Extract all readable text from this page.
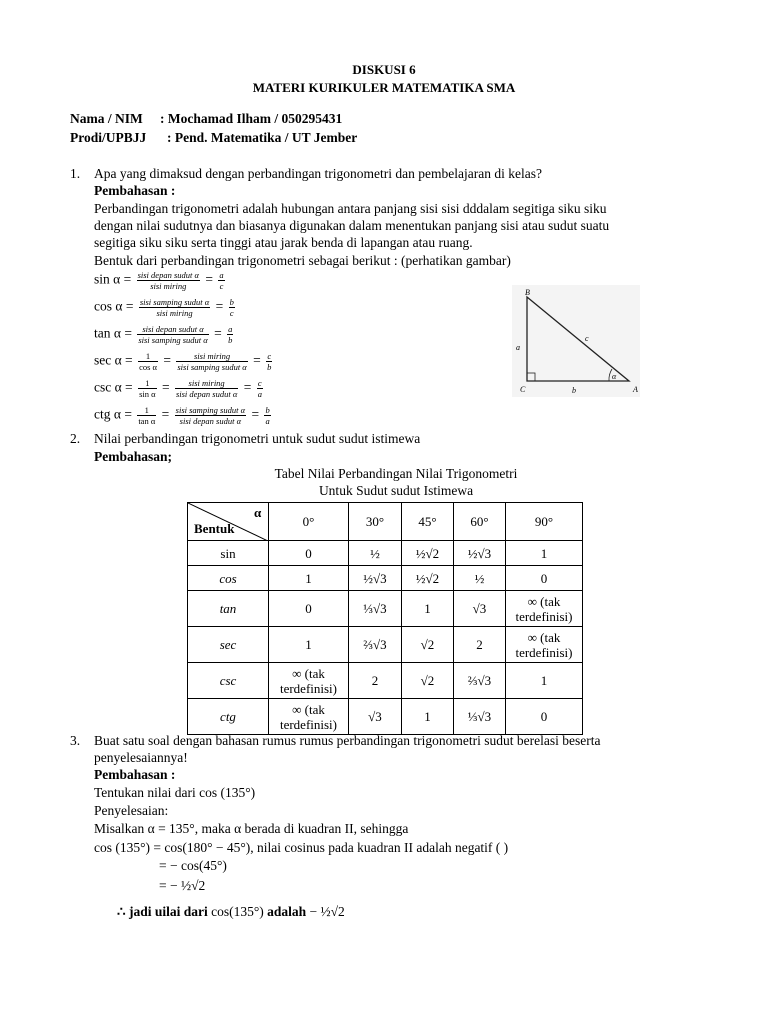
DISKUSI 6
MATERI KURIKULER MATEMATIKA SMA
Nama / NIM : Mochamad Ilham / 050295431
Prodi/UPBJJ : Pend. Matematika / UT Jember
1. Apa yang dimaksud dengan perbandingan trigonometri dan pembelajaran di kelas?
Pembahasan :
Perbandingan trigonometri adalah hubungan antara panjang sisi sisi dddalam segitiga siku siku
dengan nilai sudutnya dan biasanya digunakan dalam menentukan panjang sisi atau sudut suatu
segitiga siku siku serta tinggi atau jarak benda di lapangan atau ruang.
Bentuk dari perbandingan trigonometri sebagai berikut : (perhatikan gambar)
$\sin \alpha = \frac{\text{sisi depan sudut α}}{\text{sisi miring}} = \frac{a}{c}$
$\cos \alpha = \frac{\text{sisi samping sudut α}}{\text{sisi miring}} = \frac{b}{c}$
$\tan \alpha = \frac{\text{sisi depan sudut α}}{\text{sisi samping sudut α}} = \frac{a}{b}$
$\sec \alpha = \frac{1}{\text{cos α}} = \frac{\text{sisi miring}}{\text{sisi samping sudut α}} = \frac{c}{b}$
$\csc \alpha = \frac{1}{\text{sin α}} = \frac{\text{sisi miring}}{\text{sisi depan sudut α}} = \frac{c}{a}$
ctg $\alpha = \frac{1}{\text{tan α}} = \frac{\text{sisi samping sudut α}}{\text{sisi depan sudut α}} = \frac{b}{a}$
B
C	A
a
b
c
α
2. Nilai perbandingan trigonometri untuk sudut sudut istimewa
Pembahasan;
Tabel Nilai Perbandingan Nilai Trigonometri
Untuk Sudut sudut Istimewa
α
Bentuk	0°	30°	45°	60°	90°
sin	0	½	½√2	½√3	1
cos	1	½√3	½√2	½	0
tan	0	⅓√3	1	√3	∞ (tak terdefinisi)
sec	1	⅔√3	√2	2	∞ (tak terdefinisi)
csc	∞ (tak terdefinisi)	2	√2	⅔√3	1
ctg	∞ (tak terdefinisi)	√3	1	⅓√3	0
3. Buat satu soal dengan bahasan rumus rumus perbandingan trigonometri sudut berelasi beserta
penyelesaiannya!
Pembahasan :
Tentukan nilai dari cos (135°)
Penyelesaian:
Misalkan α = 135°, maka α berada di kuadran II, sehingga
cos (135°) = cos(180° − 45°), nilai cosinus pada kuadran II adalah negatif ( )
= − cos(45°)
= − ½√2
∴ jadi uilai dari cos(135°) adalah − ½√2
